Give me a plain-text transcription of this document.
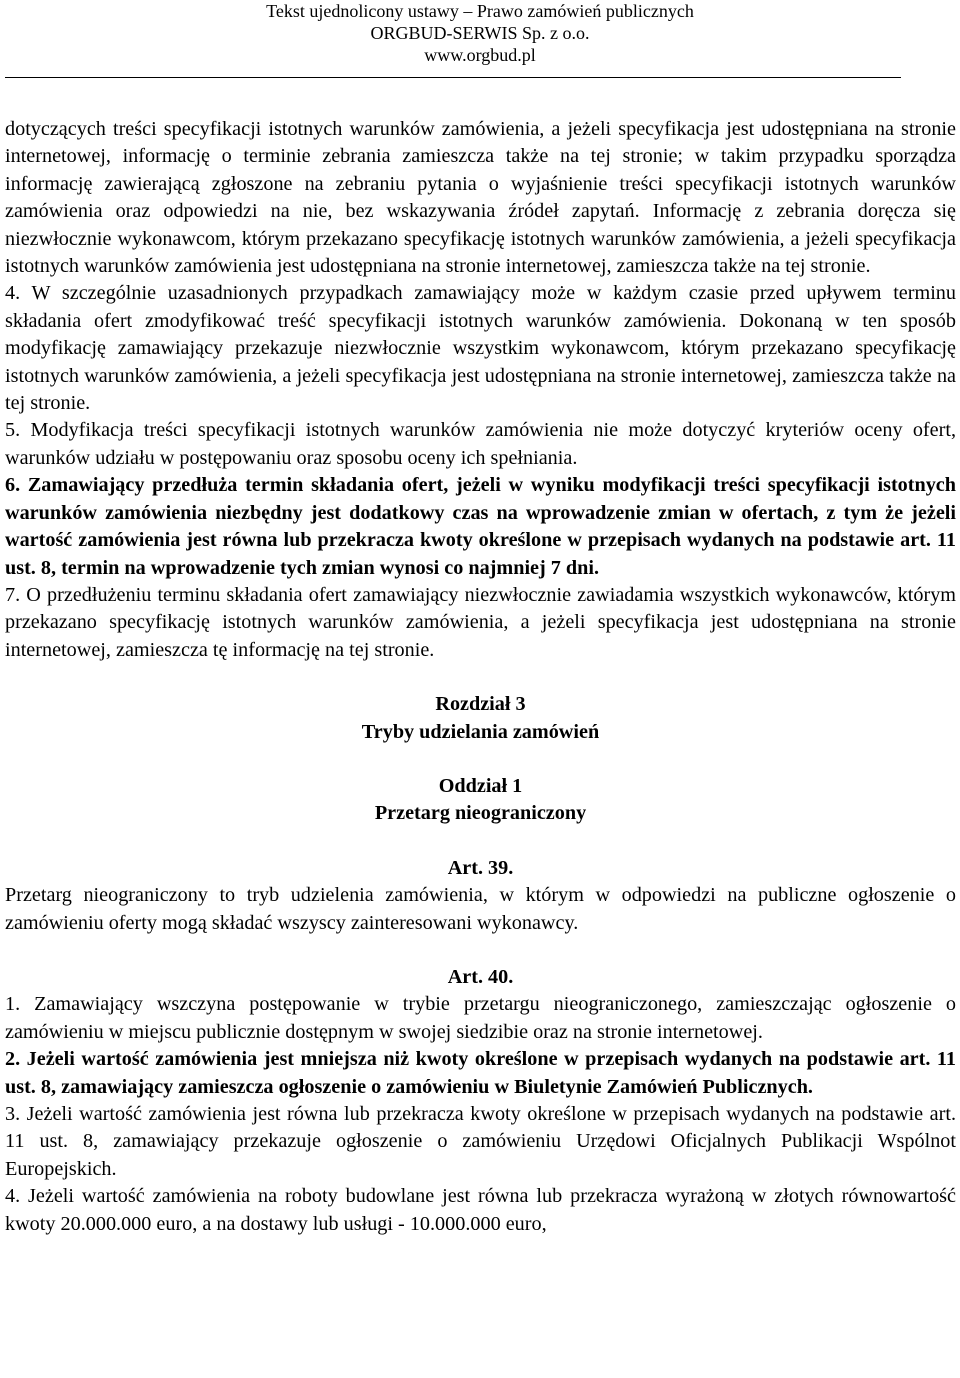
Tekst ujednolicony ustawy – Prawo zamówień publicznych
ORGBUD-SERWIS Sp. z o.o.
www.orgbud.pl

dotyczących treści specyfikacji istotnych warunków zamówienia, a jeżeli specyfikacja jest udostępniana na stronie internetowej, informację o terminie zebrania zamieszcza także na tej stronie; w takim przypadku sporządza informację zawierającą zgłoszone na zebraniu pytania o wyjaśnienie treści specyfikacji istotnych warunków zamówienia oraz odpowiedzi na nie, bez wskazywania źródeł zapytań. Informację z zebrania doręcza się niezwłocznie wykonawcom, którym przekazano specyfikację istotnych warunków zamówienia, a jeżeli specyfikacja istotnych warunków zamówienia jest udostępniana na stronie internetowej, zamieszcza także na tej stronie.

4. W szczególnie uzasadnionych przypadkach zamawiający może w każdym czasie przed upływem terminu składania ofert zmodyfikować treść specyfikacji istotnych warunków zamówienia. Dokonaną w ten sposób modyfikację zamawiający przekazuje niezwłocznie wszystkim wykonawcom, którym przekazano specyfikację istotnych warunków zamówienia, a jeżeli specyfikacja jest udostępniana na stronie internetowej, zamieszcza także na tej stronie.

5. Modyfikacja treści specyfikacji istotnych warunków zamówienia nie może dotyczyć kryteriów oceny ofert, warunków udziału w postępowaniu oraz sposobu oceny ich spełniania.

6. Zamawiający przedłuża termin składania ofert, jeżeli w wyniku modyfikacji treści specyfikacji istotnych warunków zamówienia niezbędny jest dodatkowy czas na wprowadzenie zmian w ofertach, z tym że jeżeli wartość zamówienia jest równa lub przekracza kwoty określone w przepisach wydanych na podstawie art. 11 ust. 8, termin na wprowadzenie tych zmian wynosi co najmniej 7 dni.

7. O przedłużeniu terminu składania ofert zamawiający niezwłocznie zawiadamia wszystkich wykonawców, którym przekazano specyfikację istotnych warunków zamówienia, a jeżeli specyfikacja jest udostępniana na stronie internetowej, zamieszcza tę informację na tej stronie.

Rozdział 3

Tryby udzielania zamówień

Oddział 1

Przetarg nieograniczony

Art. 39.

Przetarg nieograniczony to tryb udzielenia zamówienia, w którym w odpowiedzi na publiczne ogłoszenie o zamówieniu oferty mogą składać wszyscy zainteresowani wykonawcy.

Art. 40.

1. Zamawiający wszczyna postępowanie w trybie przetargu nieograniczonego, zamieszczając ogłoszenie o zamówieniu w miejscu publicznie dostępnym w swojej siedzibie oraz na stronie internetowej.

2. Jeżeli wartość zamówienia jest mniejsza niż kwoty określone w przepisach wydanych na podstawie art. 11 ust. 8, zamawiający zamieszcza ogłoszenie o zamówieniu w Biuletynie Zamówień Publicznych.

3. Jeżeli wartość zamówienia jest równa lub przekracza kwoty określone w przepisach wydanych na podstawie art. 11 ust. 8, zamawiający przekazuje ogłoszenie o zamówieniu Urzędowi Oficjalnych Publikacji Wspólnot Europejskich.

4. Jeżeli wartość zamówienia na roboty budowlane jest równa lub przekracza wyrażoną w złotych równowartość kwoty 20.000.000 euro, a na dostawy lub usługi - 10.000.000 euro,
